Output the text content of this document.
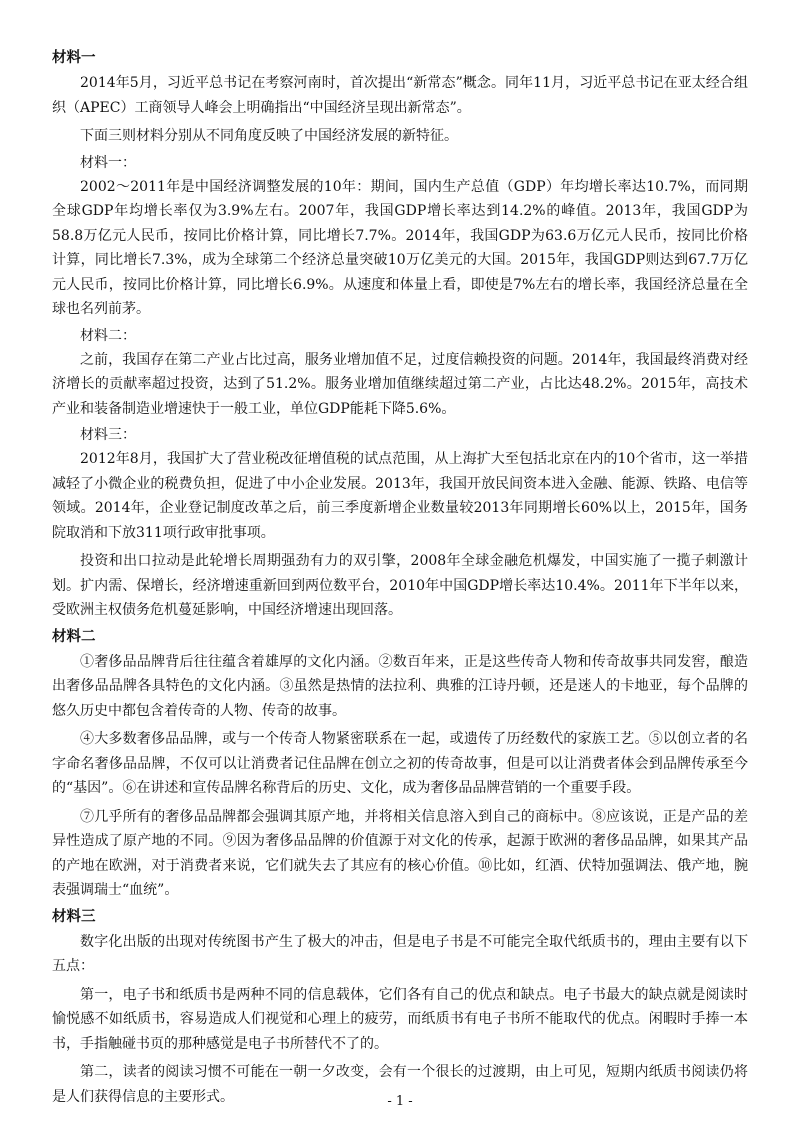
材料一

2014年5月，习近平总书记在考察河南时，首次提出“新常态”概念。同年11月，习近平总书记在亚太经合组织（APEC）工商领导人峰会上明确指出“中国经济呈现出新常态”。

下面三则材料分别从不同角度反映了中国经济发展的新特征。

材料一：

2002～2011年是中国经济调整发展的10年：期间，国内生产总值（GDP）年均增长率达10.7%，而同期全球GDP年均增长率仅为3.9%左右。2007年，我国GDP增长率达到14.2%的峰值。2013年，我国GDP为58.8万亿元人民币，按同比价格计算，同比增长7.7%。2014年，我国GDP为63.6万亿元人民币，按同比价格计算，同比增长7.3%，成为全球第二个经济总量突破10万亿美元的大国。2015年，我国GDP则达到67.7万亿元人民币，按同比价格计算，同比增长6.9%。从速度和体量上看，即使是7%左右的增长率，我国经济总量在全球也名列前茅。

材料二：

之前，我国存在第二产业占比过高，服务业增加值不足，过度信赖投资的问题。2014年，我国最终消费对经济增长的贡献率超过投资，达到了51.2%。服务业增加值继续超过第二产业，占比达48.2%。2015年，高技术产业和装备制造业增速快于一般工业，单位GDP能耗下降5.6%。

材料三：

2012年8月，我国扩大了营业税改征增值税的试点范围，从上海扩大至包括北京在内的10个省市，这一举措减轻了小微企业的税费负担，促进了中小企业发展。2013年，我国开放民间资本进入金融、能源、铁路、电信等领域。2014年，企业登记制度改革之后，前三季度新增企业数量较2013年同期增长60%以上，2015年，国务院取消和下放311项行政审批事项。

投资和出口拉动是此轮增长周期强劲有力的双引擎，2008年全球金融危机爆发，中国实施了一揽子刺激计划。扩内需、保增长，经济增速重新回到两位数平台，2010年中国GDP增长率达10.4%。2011年下半年以来，受欧洲主权债务危机蔓延影响，中国经济增速出现回落。

材料二

①奢侈品品牌背后往往蕴含着雄厚的文化内涵。②数百年来，正是这些传奇人物和传奇故事共同发窖，酿造出奢侈品品牌各具特色的文化内涵。③虽然是热情的法拉利、典雅的江诗丹顿，还是迷人的卡地亚，每个品牌的悠久历史中都包含着传奇的人物、传奇的故事。

④大多数奢侈品品牌，或与一个传奇人物紧密联系在一起，或遗传了历经数代的家族工艺。⑤以创立者的名字命名奢侈品品牌，不仅可以让消费者记住品牌在创立之初的传奇故事，但是可以让消费者体会到品牌传承至今的“基因”。⑥在讲述和宣传品牌名称背后的历史、文化，成为奢侈品品牌营销的一个重要手段。

⑦几乎所有的奢侈品品牌都会强调其原产地，并将相关信息溶入到自己的商标中。⑧应该说，正是产品的差异性造成了原产地的不同。⑨因为奢侈品品牌的价值源于对文化的传承，起源于欧洲的奢侈品品牌，如果其产品的产地在欧洲，对于消费者来说，它们就失去了其应有的核心价值。⑩比如，红酒、伏特加强调法、俄产地，腕表强调瑞士“血统”。

材料三

数字化出版的出现对传统图书产生了极大的冲击，但是电子书是不可能完全取代纸质书的，理由主要有以下五点：

第一，电子书和纸质书是两种不同的信息载体，它们各有自己的优点和缺点。电子书最大的缺点就是阅读时愉悦感不如纸质书，容易造成人们视觉和心理上的疲劳，而纸质书有电子书所不能取代的优点。闲暇时手捧一本书，手指触碰书页的那种感觉是电子书所替代不了的。

第二，读者的阅读习惯不可能在一朝一夕改变，会有一个很长的过渡期，由上可见，短期内纸质书阅读仍将是人们获得信息的主要形式。	- 1 -
